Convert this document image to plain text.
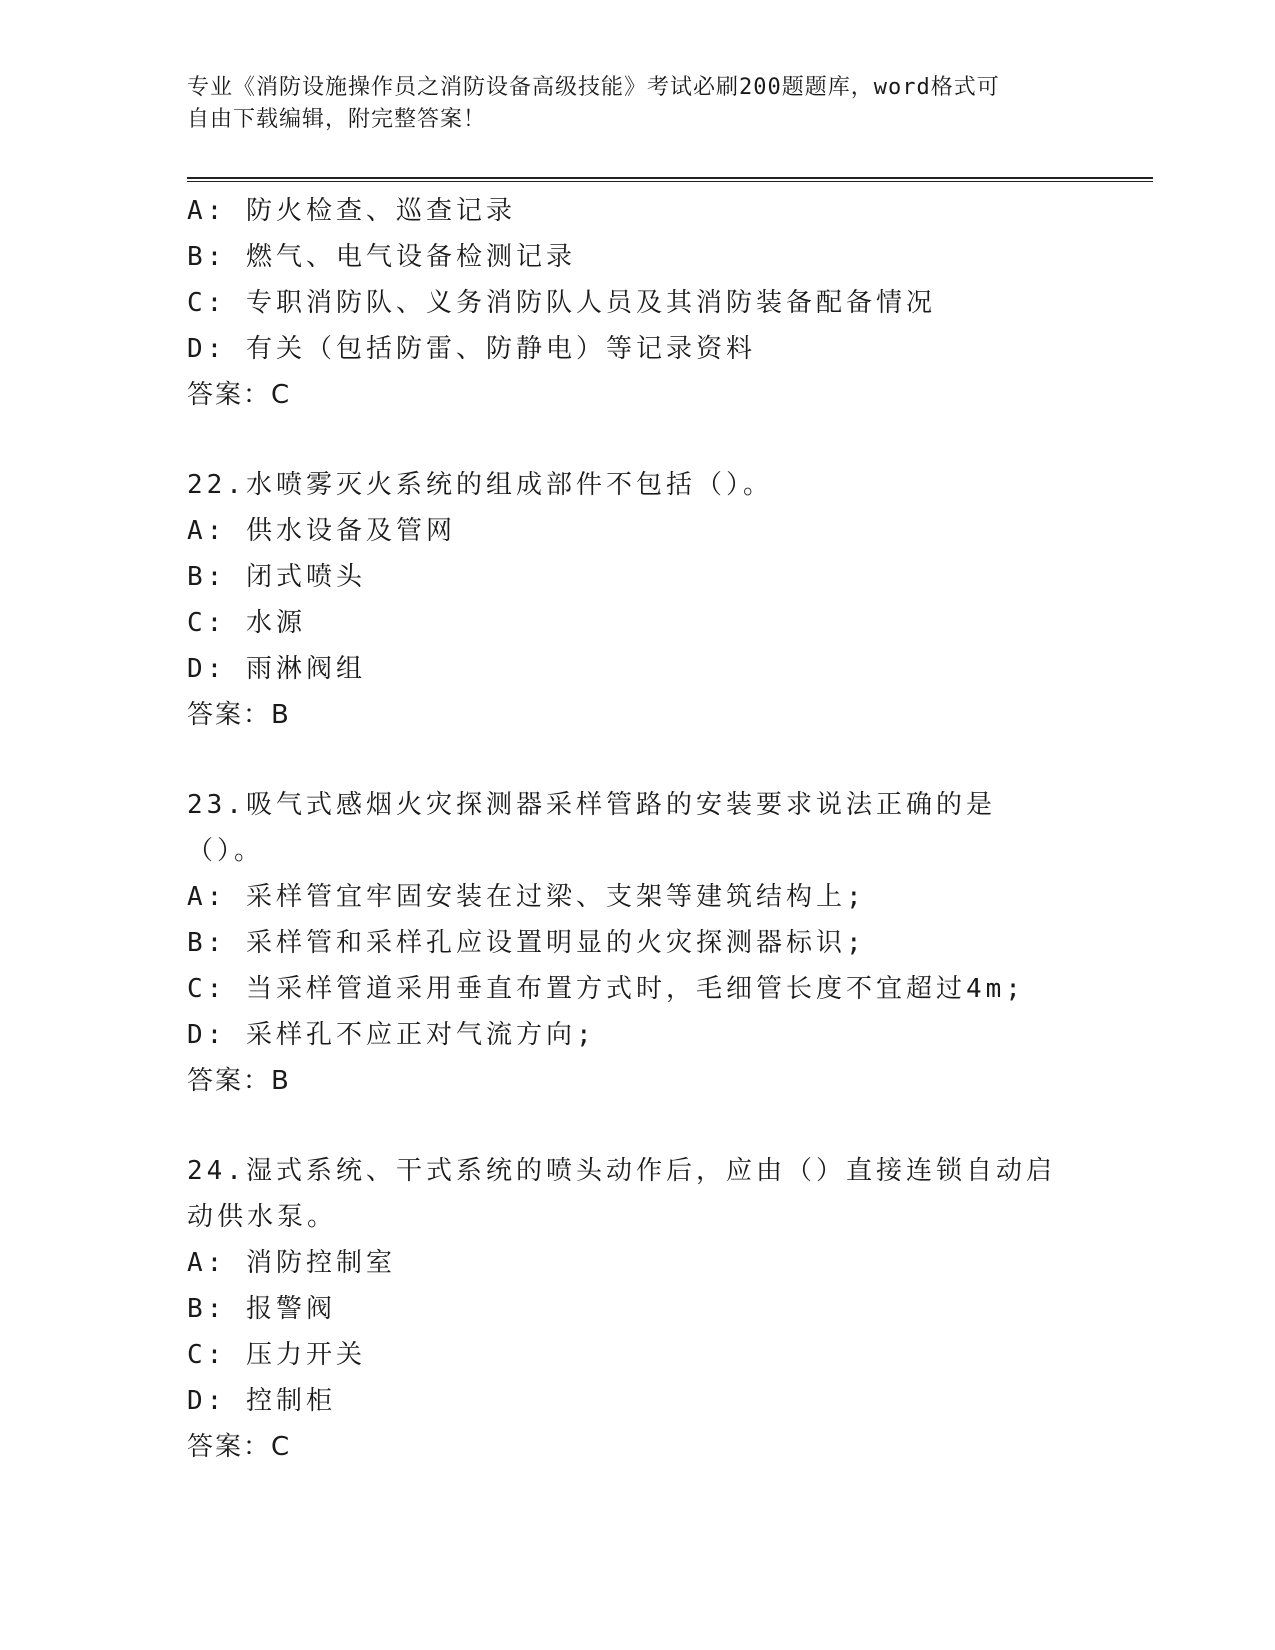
专业《消防设施操作员之消防设备高级技能》考试必刷200题题库，word格式可
自由下载编辑，附完整答案！
A: 防火检查、巡查记录
B: 燃气、电气设备检测记录
C: 专职消防队、义务消防队人员及其消防装备配备情况
D: 有关（包括防雷、防静电）等记录资料
答案：C
22.水喷雾灭火系统的组成部件不包括（）。
A: 供水设备及管网
B: 闭式喷头
C: 水源
D: 雨淋阀组
答案：B
23.吸气式感烟火灾探测器采样管路的安装要求说法正确的是（）。
A: 采样管宜牢固安装在过梁、支架等建筑结构上;
B: 采样管和采样孔应设置明显的火灾探测器标识;
C: 当采样管道采用垂直布置方式时，毛细管长度不宜超过4m;
D: 采样孔不应正对气流方向;
答案：B
24.湿式系统、干式系统的喷头动作后，应由（）直接连锁自动启动供水泵。
A: 消防控制室
B: 报警阀
C: 压力开关
D: 控制柜
答案：C
